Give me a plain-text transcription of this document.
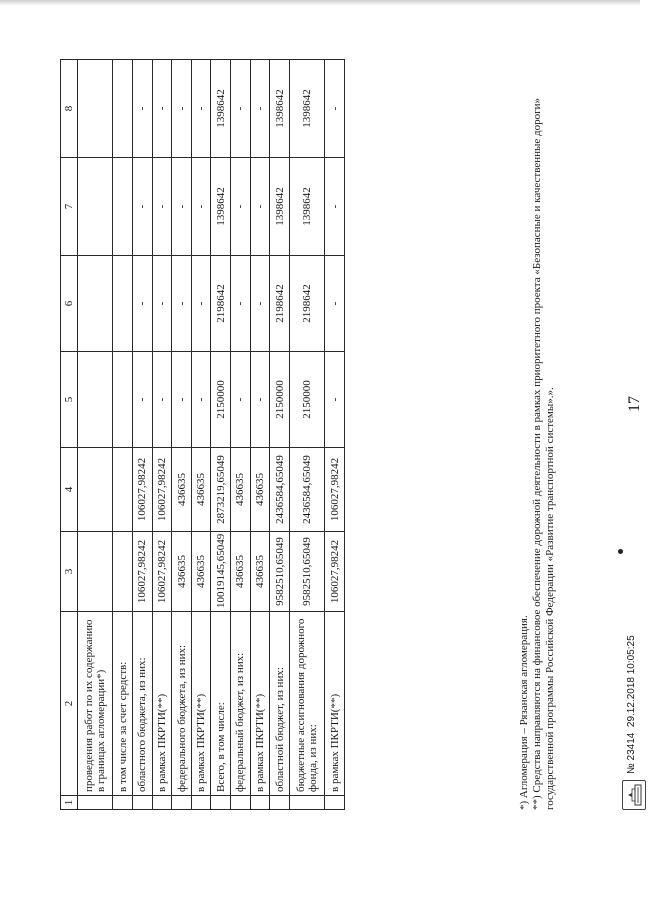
17
1	2	3	4	5	6	7	8
	проведения работ по их содержанию в границах агломерации*)						
	в том числе за счет средств:						
	областного бюджета, из них:	106027,98242	106027,98242	-	-	-	-
	в рамках ПКРТИ(**)	106027,98242	106027,98242	-	-	-	-
	федерального бюджета, из них:	436635	436635	-	-	-	-
	в рамках ПКРТИ(**)	436635	436635	-	-	-	-
	Всего, в том числе:	10019145,65049	2873219,65049	2150000	2198642	1398642	1398642
	федеральный бюджет, из них:	436635	436635	-	-	-	-
	в рамках ПКРТИ(**)	436635	436635	-	-	-	-
	областной бюджет, из них:	9582510,65049	2436584,65049	2150000	2198642	1398642	1398642
	бюджетные ассигнования дорожного фонда, из них:	9582510,65049	2436584,65049	2150000	2198642	1398642	1398642
	в рамках ПКРТИ(**)	106027,98242	106027,98242	-	-	-	-

*) Агломерация – Рязанская агломерация. **) Средства направляются на финансовое обеспечение дорожной деятельности в рамках приоритетного проекта «Безопасные и качественные дороги» государственной программы Российской Федерации «Развитие транспортной системы».».	№ 23414  29.12.2018 10:05:25
